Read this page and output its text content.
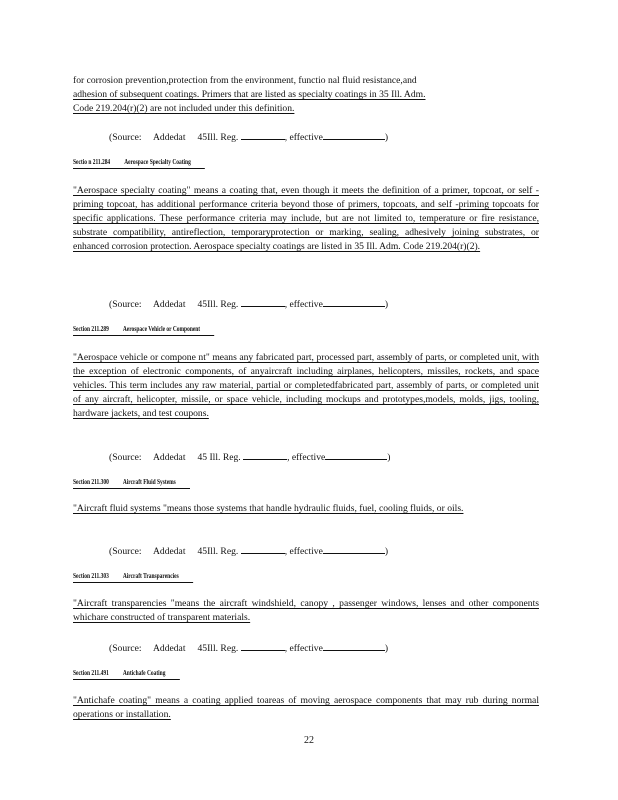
for corrosion prevention,protection from the environment, functio nal fluid resistance,and

adhesion of subsequent coatings. Primers that are listed as specialty coatings in 35 Ill. Adm.

Code 219.204(r)(2) are not included under this definition.

(Source: Addedat 45Ill. Reg.	, effective	)
Sectio n 211.284 Aerospace Specialty Coating

"Aerospace specialty coating" means a coating that, even though it meets the definition of a primer, topcoat, or self -priming topcoat, has additional performance criteria beyond those of primers, topcoats, and self -priming topcoats for specific applications. These performance criteria may include, but are not limited to, temperature or fire resistance, substrate compatibility, antireflection, temporaryprotection or marking, sealing, adhesively joining substrates, or enhanced corrosion protection. Aerospace specialty coatings are listed in 35 Ill. Adm. Code 219.204(r)(2).

(Source: Addedat 45Ill. Reg.	, effective	)
Section 211.289 Aerospace Vehicle or Component

"Aerospace vehicle or compone nt" means any fabricated part, processed part, assembly of parts, or completed unit, with the exception of electronic components, of anyaircraft including airplanes, helicopters, missiles, rockets, and space vehicles. This term includes any raw material, partial or completedfabricated part, assembly of parts, or completed unit of any aircraft, helicopter, missile, or space vehicle, including mockups and prototypes,models, molds, jigs, tooling, hardware jackets, and test coupons.

(Source: Addedat 45 Ill. Reg.	, effective	)
Section 211.300 Aircraft Fluid Systems

"Aircraft fluid systems "means those systems that handle hydraulic fluids, fuel, cooling fluids, or oils.

(Source: Addedat 45Ill. Reg.	, effective	)
Section 211.303 Aircraft Transparencies

"Aircraft transparencies "means the aircraft windshield, canopy , passenger windows, lenses and other components whichare constructed of transparent materials.

(Source: Addedat 45Ill. Reg.	, effective	)
Section 211.491 Antichafe Coating

"Antichafe coating" means a coating applied toareas of moving aerospace components that may rub during normal operations or installation.

22
